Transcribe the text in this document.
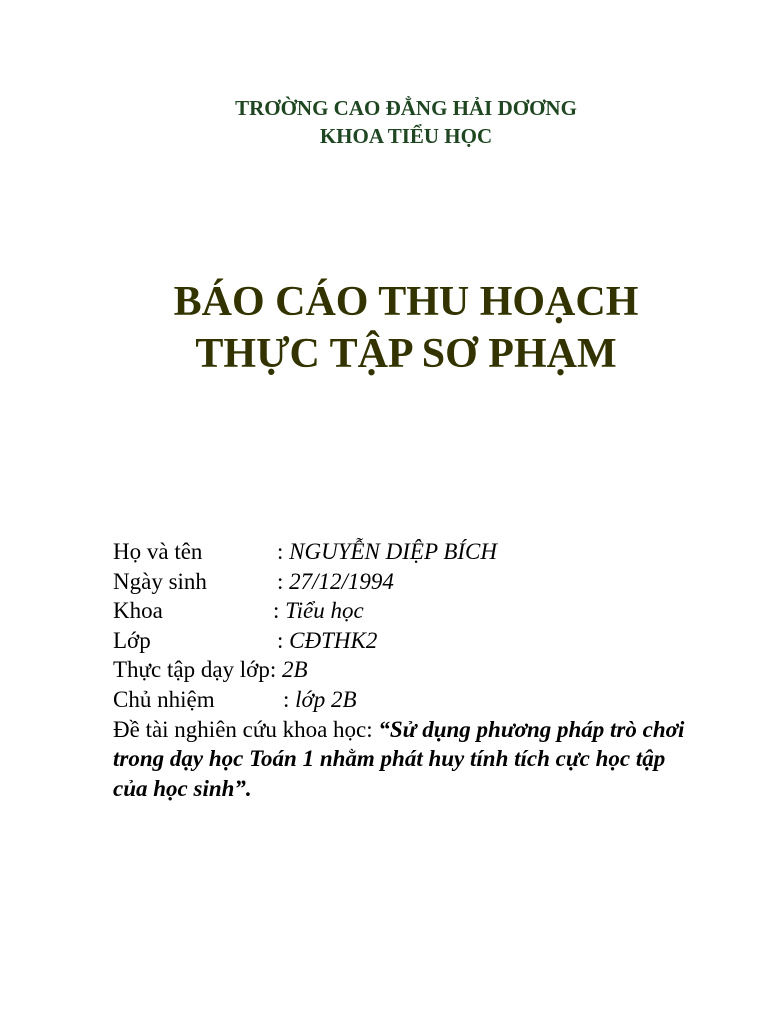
TRƠỜNG CAO ĐẲNG HẢI DƠƠNG
KHOA TIỂU HỌC
BÁO CÁO THU HOẠCH
THỰC TẬP SƠ PHẠM
Họ và tên	:
NGUYỄN DIỆP BÍCH
Ngày sinh	:
27/12/1994
Khoa	:
Tiểu học
Lớp	:
CĐTHK2
Thực tập dạy lớp:
2B
Chủ nhiệm	:
lớp 2B
Đề tài nghiên cứu khoa học: “Sử dụng phương pháp trò chơi trong dạy học Toán 1 nhằm phát huy tính tích cực học tập của học sinh”.
